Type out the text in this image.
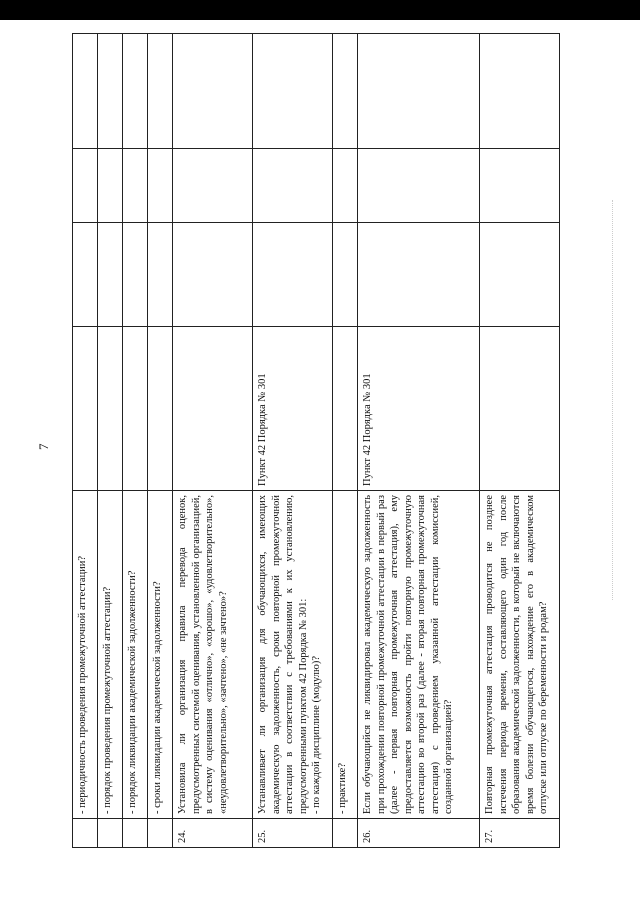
7
	- периодичность проведения промежуточной аттестации?				
	- порядок проведения промежуточной аттестации?				
	- порядок ликвидации академической задолженности?				
	- сроки ликвидации академической задолженности?				
24.	Установила ли организация правила перевода оценок, предусмотренных системой оценивания, установленной организацией, в систему оценивания «отлично», «хорошо», «удовлетворительно», «неудовлетворительно», «зачтено», «не зачтено»?				
25.	Устанавливает ли организация для обучающихся, имеющих академическую задолженность, сроки повторной промежуточной аттестации в соответствии с требованиями к их установлению, предусмотренными пунктом 42 Порядка № 301: - по каждой дисциплине (модулю)?	Пункт 42 Порядка № 301			
	- практике?				
26.	Если обучающийся не ликвидировал академическую задолженность при прохождении повторной промежуточной аттестации в первый раз (далее - первая повторная промежуточная аттестация), ему предоставляется возможность пройти повторную промежуточную аттестацию во второй раз (далее - вторая повторная промежуточная аттестация) с проведением указанной аттестации комиссией, созданной организацией?	Пункт 42 Порядка № 301			
27.	Повторная промежуточная аттестация проводится не позднее истечения периода времени, составляющего один год после образования академической задолженности, в который не включаются время болезни обучающегося, нахождение его в академическом отпуске или отпуске по беременности и родам?				
